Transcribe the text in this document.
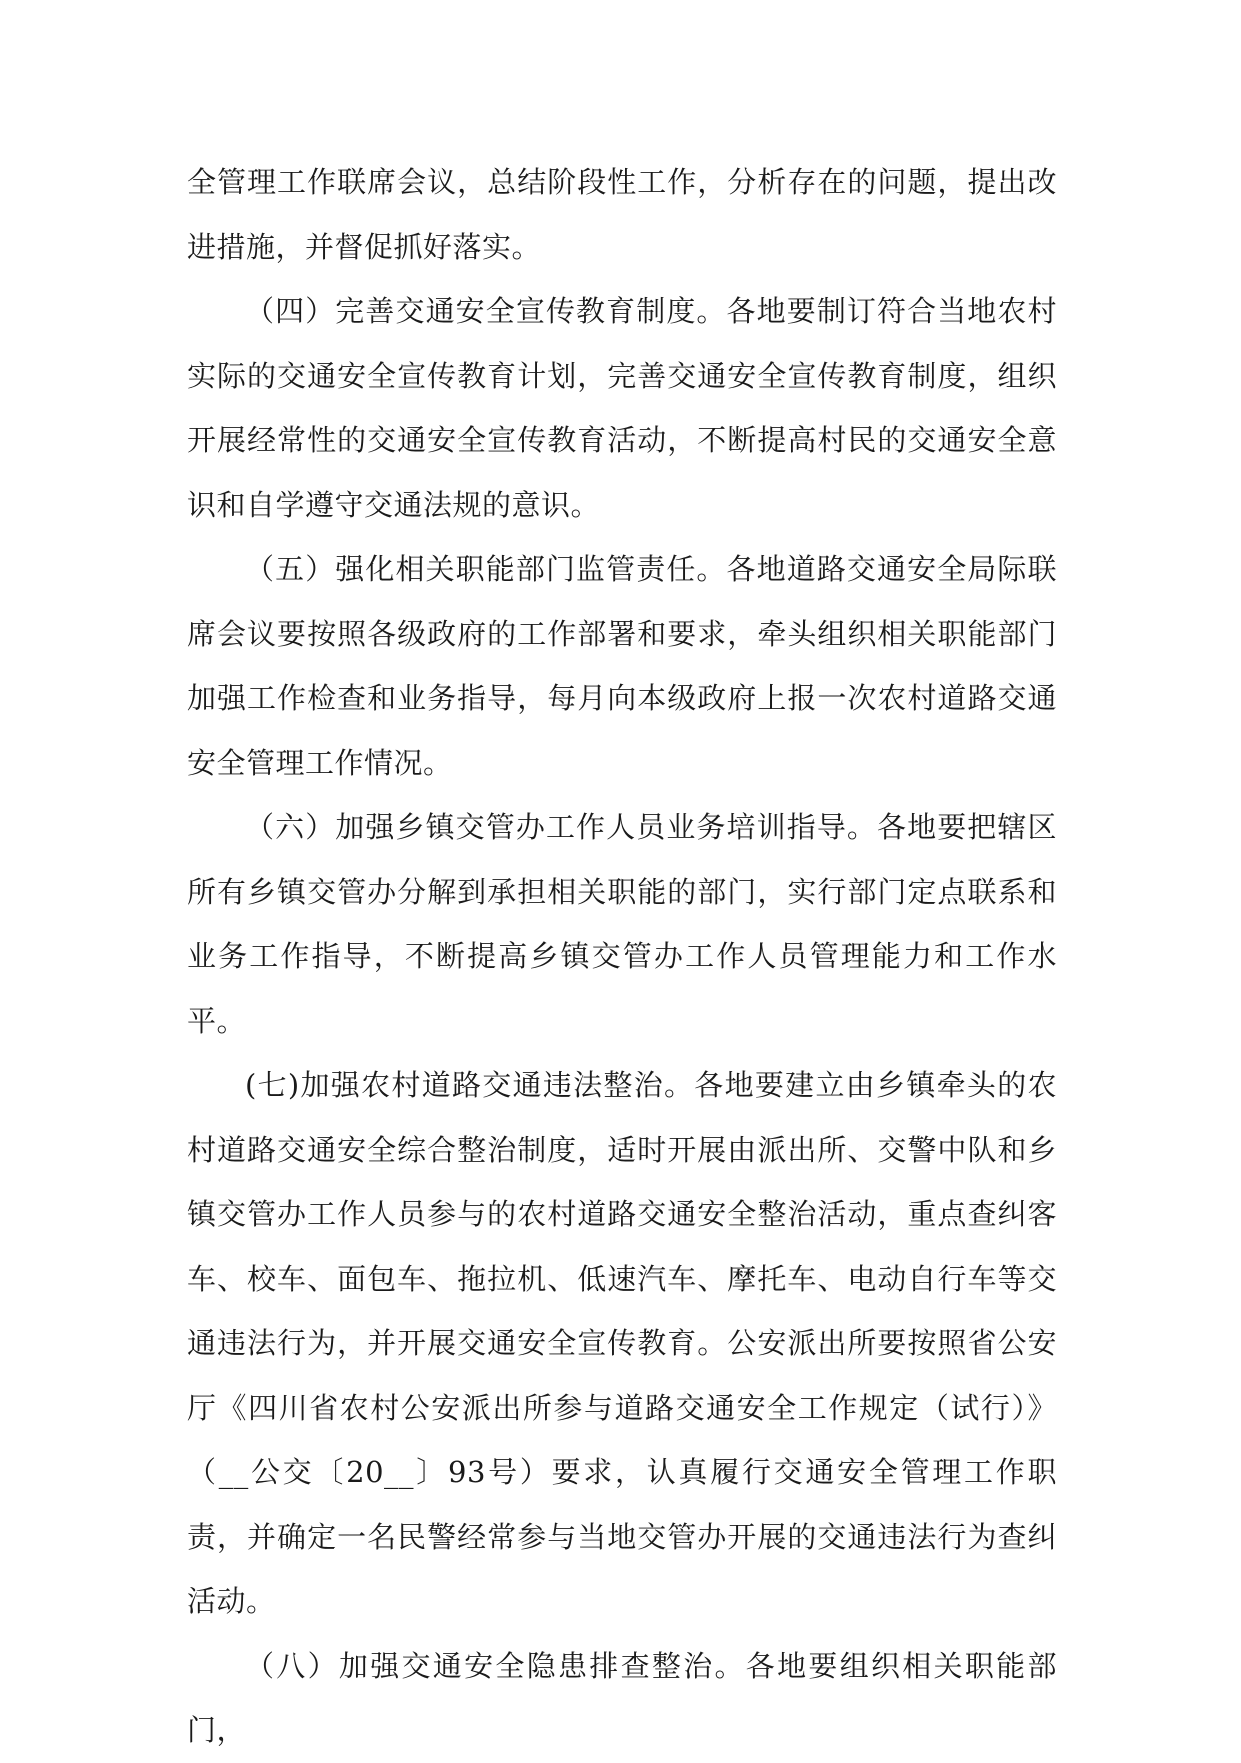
全管理工作联席会议，总结阶段性工作，分析存在的问题，提出改进措施，并督促抓好落实。

（四）完善交通安全宣传教育制度。各地要制订符合当地农村实际的交通安全宣传教育计划，完善交通安全宣传教育制度，组织开展经常性的交通安全宣传教育活动，不断提高村民的交通安全意识和自学遵守交通法规的意识。

（五）强化相关职能部门监管责任。各地道路交通安全局际联席会议要按照各级政府的工作部署和要求，牵头组织相关职能部门加强工作检查和业务指导，每月向本级政府上报一次农村道路交通安全管理工作情况。

（六）加强乡镇交管办工作人员业务培训指导。各地要把辖区所有乡镇交管办分解到承担相关职能的部门，实行部门定点联系和业务工作指导，不断提高乡镇交管办工作人员管理能力和工作水平。

(七)加强农村道路交通违法整治。各地要建立由乡镇牵头的农村道路交通安全综合整治制度，适时开展由派出所、交警中队和乡镇交管办工作人员参与的农村道路交通安全整治活动，重点查纠客车、校车、面包车、拖拉机、低速汽车、摩托车、电动自行车等交通违法行为，并开展交通安全宣传教育。公安派出所要按照省公安厅《四川省农村公安派出所参与道路交通安全工作规定（试行）》（__公交〔20__〕93号）要求，认真履行交通安全管理工作职责，并确定一名民警经常参与当地交管办开展的交通违法行为查纠活动。

（八）加强交通安全隐患排查整治。各地要组织相关职能部门，
